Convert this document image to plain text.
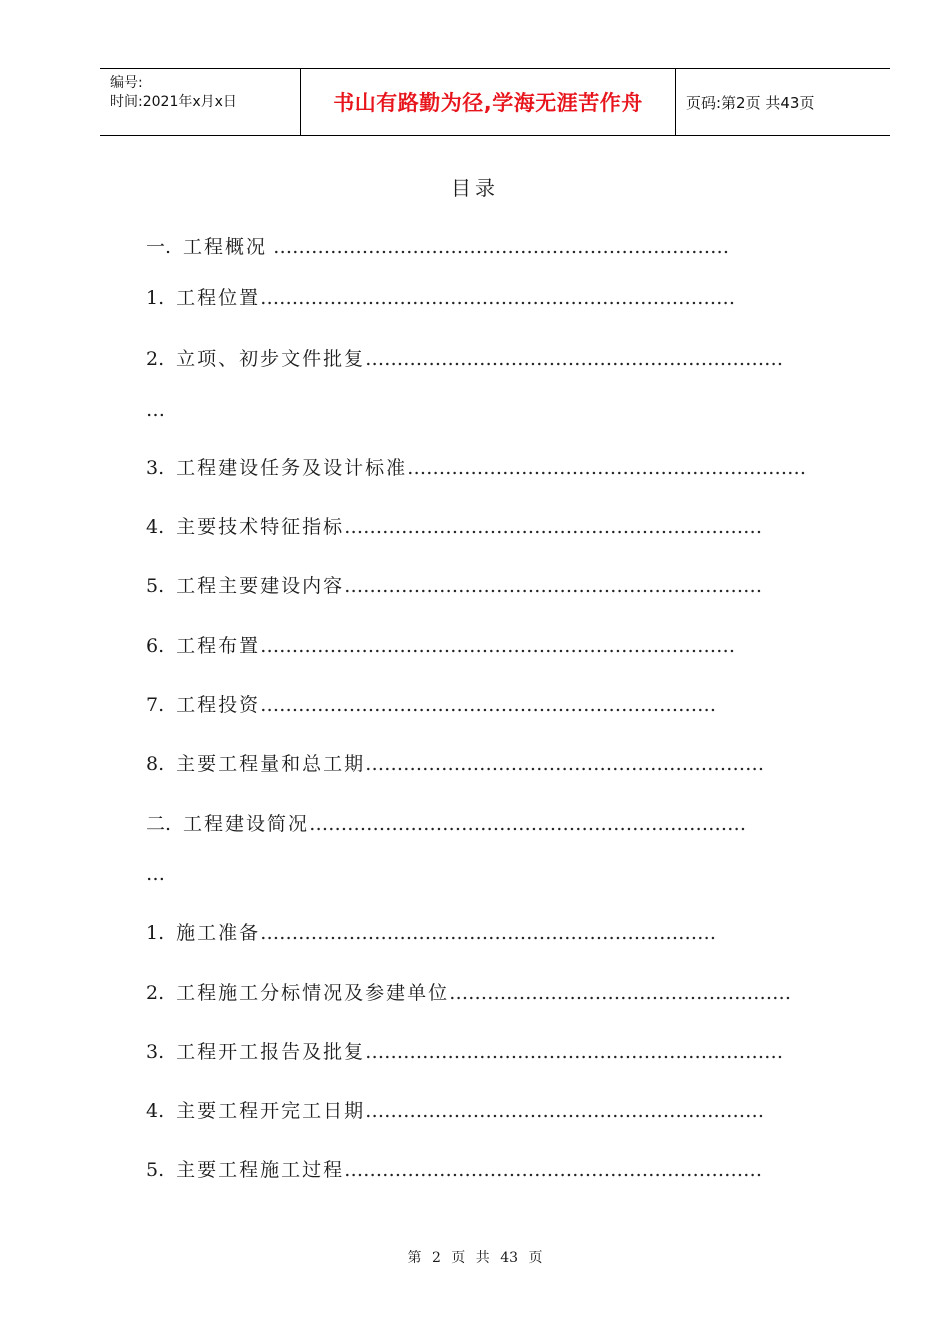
编号:
时间:2021年x月x日	书山有路勤为径,学海无涯苦作舟	页码:第2页 共43页
目录
一. 工程概况 ………………………………………………………………
1. 工程位置…………………………………………………………………
2. 立项、初步文件批复…………………………………………………………
…
3. 工程建设任务及设计标准………………………………………………………
4. 主要技术特征指标…………………………………………………………
5. 工程主要建设内容…………………………………………………………
6. 工程布置…………………………………………………………………
7. 工程投资………………………………………………………………
8. 主要工程量和总工期………………………………………………………
二. 工程建设简况……………………………………………………………
…
1. 施工准备………………………………………………………………
2. 工程施工分标情况及参建单位………………………………………………
3. 工程开工报告及批复…………………………………………………………
4. 主要工程开完工日期………………………………………………………
5. 主要工程施工过程…………………………………………………………
第 2 页 共 43 页
